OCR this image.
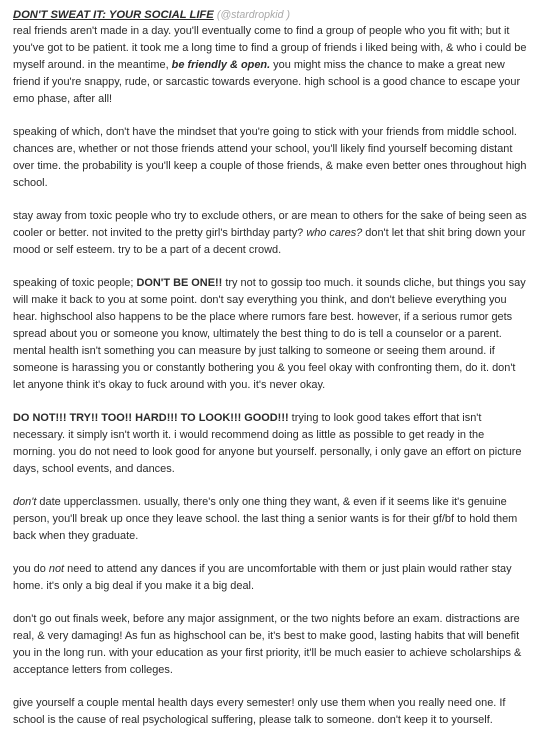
DON'T SWEAT IT: YOUR SOCIAL LIFE (@stardropkid )

real friends aren't made in a day. you'll eventually come to find a group of people who you fit with; but it you've got to be patient. it took me a long time to find a group of friends i liked being with, & who i could be myself around. in the meantime, be friendly & open. you might miss the chance to make a great new friend if you're snappy, rude, or sarcastic towards everyone. high school is a good chance to escape your emo phase, after all!

speaking of which, don't have the mindset that you're going to stick with your friends from middle school. chances are, whether or not those friends attend your school, you'll likely find yourself becoming distant over time. the probability is you'll keep a couple of those friends, & make even better ones throughout high school.

stay away from toxic people who try to exclude others, or are mean to others for the sake of being seen as cooler or better. not invited to the pretty girl's birthday party? who cares? don't let that shit bring down your mood or self esteem. try to be a part of a decent crowd.

speaking of toxic people; DON'T BE ONE!! try not to gossip too much. it sounds cliche, but things you say will make it back to you at some point. don't say everything you think, and don't believe everything you hear. highschool also happens to be the place where rumors fare best. however, if a serious rumor gets spread about you or someone you know, ultimately the best thing to do is tell a counselor or a parent. mental health isn't something you can measure by just talking to someone or seeing them around. if someone is harassing you or constantly bothering you & you feel okay with confronting them, do it. don't let anyone think it's okay to fuck around with you. it's never okay.

DO NOT!!! TRY!! TOO!! HARD!!! TO LOOK!!! GOOD!!! trying to look good takes effort that isn't necessary. it simply isn't worth it. i would recommend doing as little as possible to get ready in the morning. you do not need to look good for anyone but yourself. personally, i only gave an effort on picture days, school events, and dances.

don't date upperclassmen. usually, there's only one thing they want, & even if it seems like it's genuine person, you'll break up once they leave school. the last thing a senior wants is for their gf/bf to hold them back when they graduate.

you do not need to attend any dances if you are uncomfortable with them or just plain would rather stay home. it's only a big deal if you make it a big deal.

don't go out finals week, before any major assignment, or the two nights before an exam. distractions are real, & very damaging! As fun as highschool can be, it's best to make good, lasting habits that will benefit you in the long run. with your education as your first priority, it'll be much easier to achieve scholarships & acceptance letters from colleges.

give yourself a couple mental health days every semester! only use them when you really need one. If school is the cause of real psychological suffering, please talk to someone. don't keep it to yourself.
